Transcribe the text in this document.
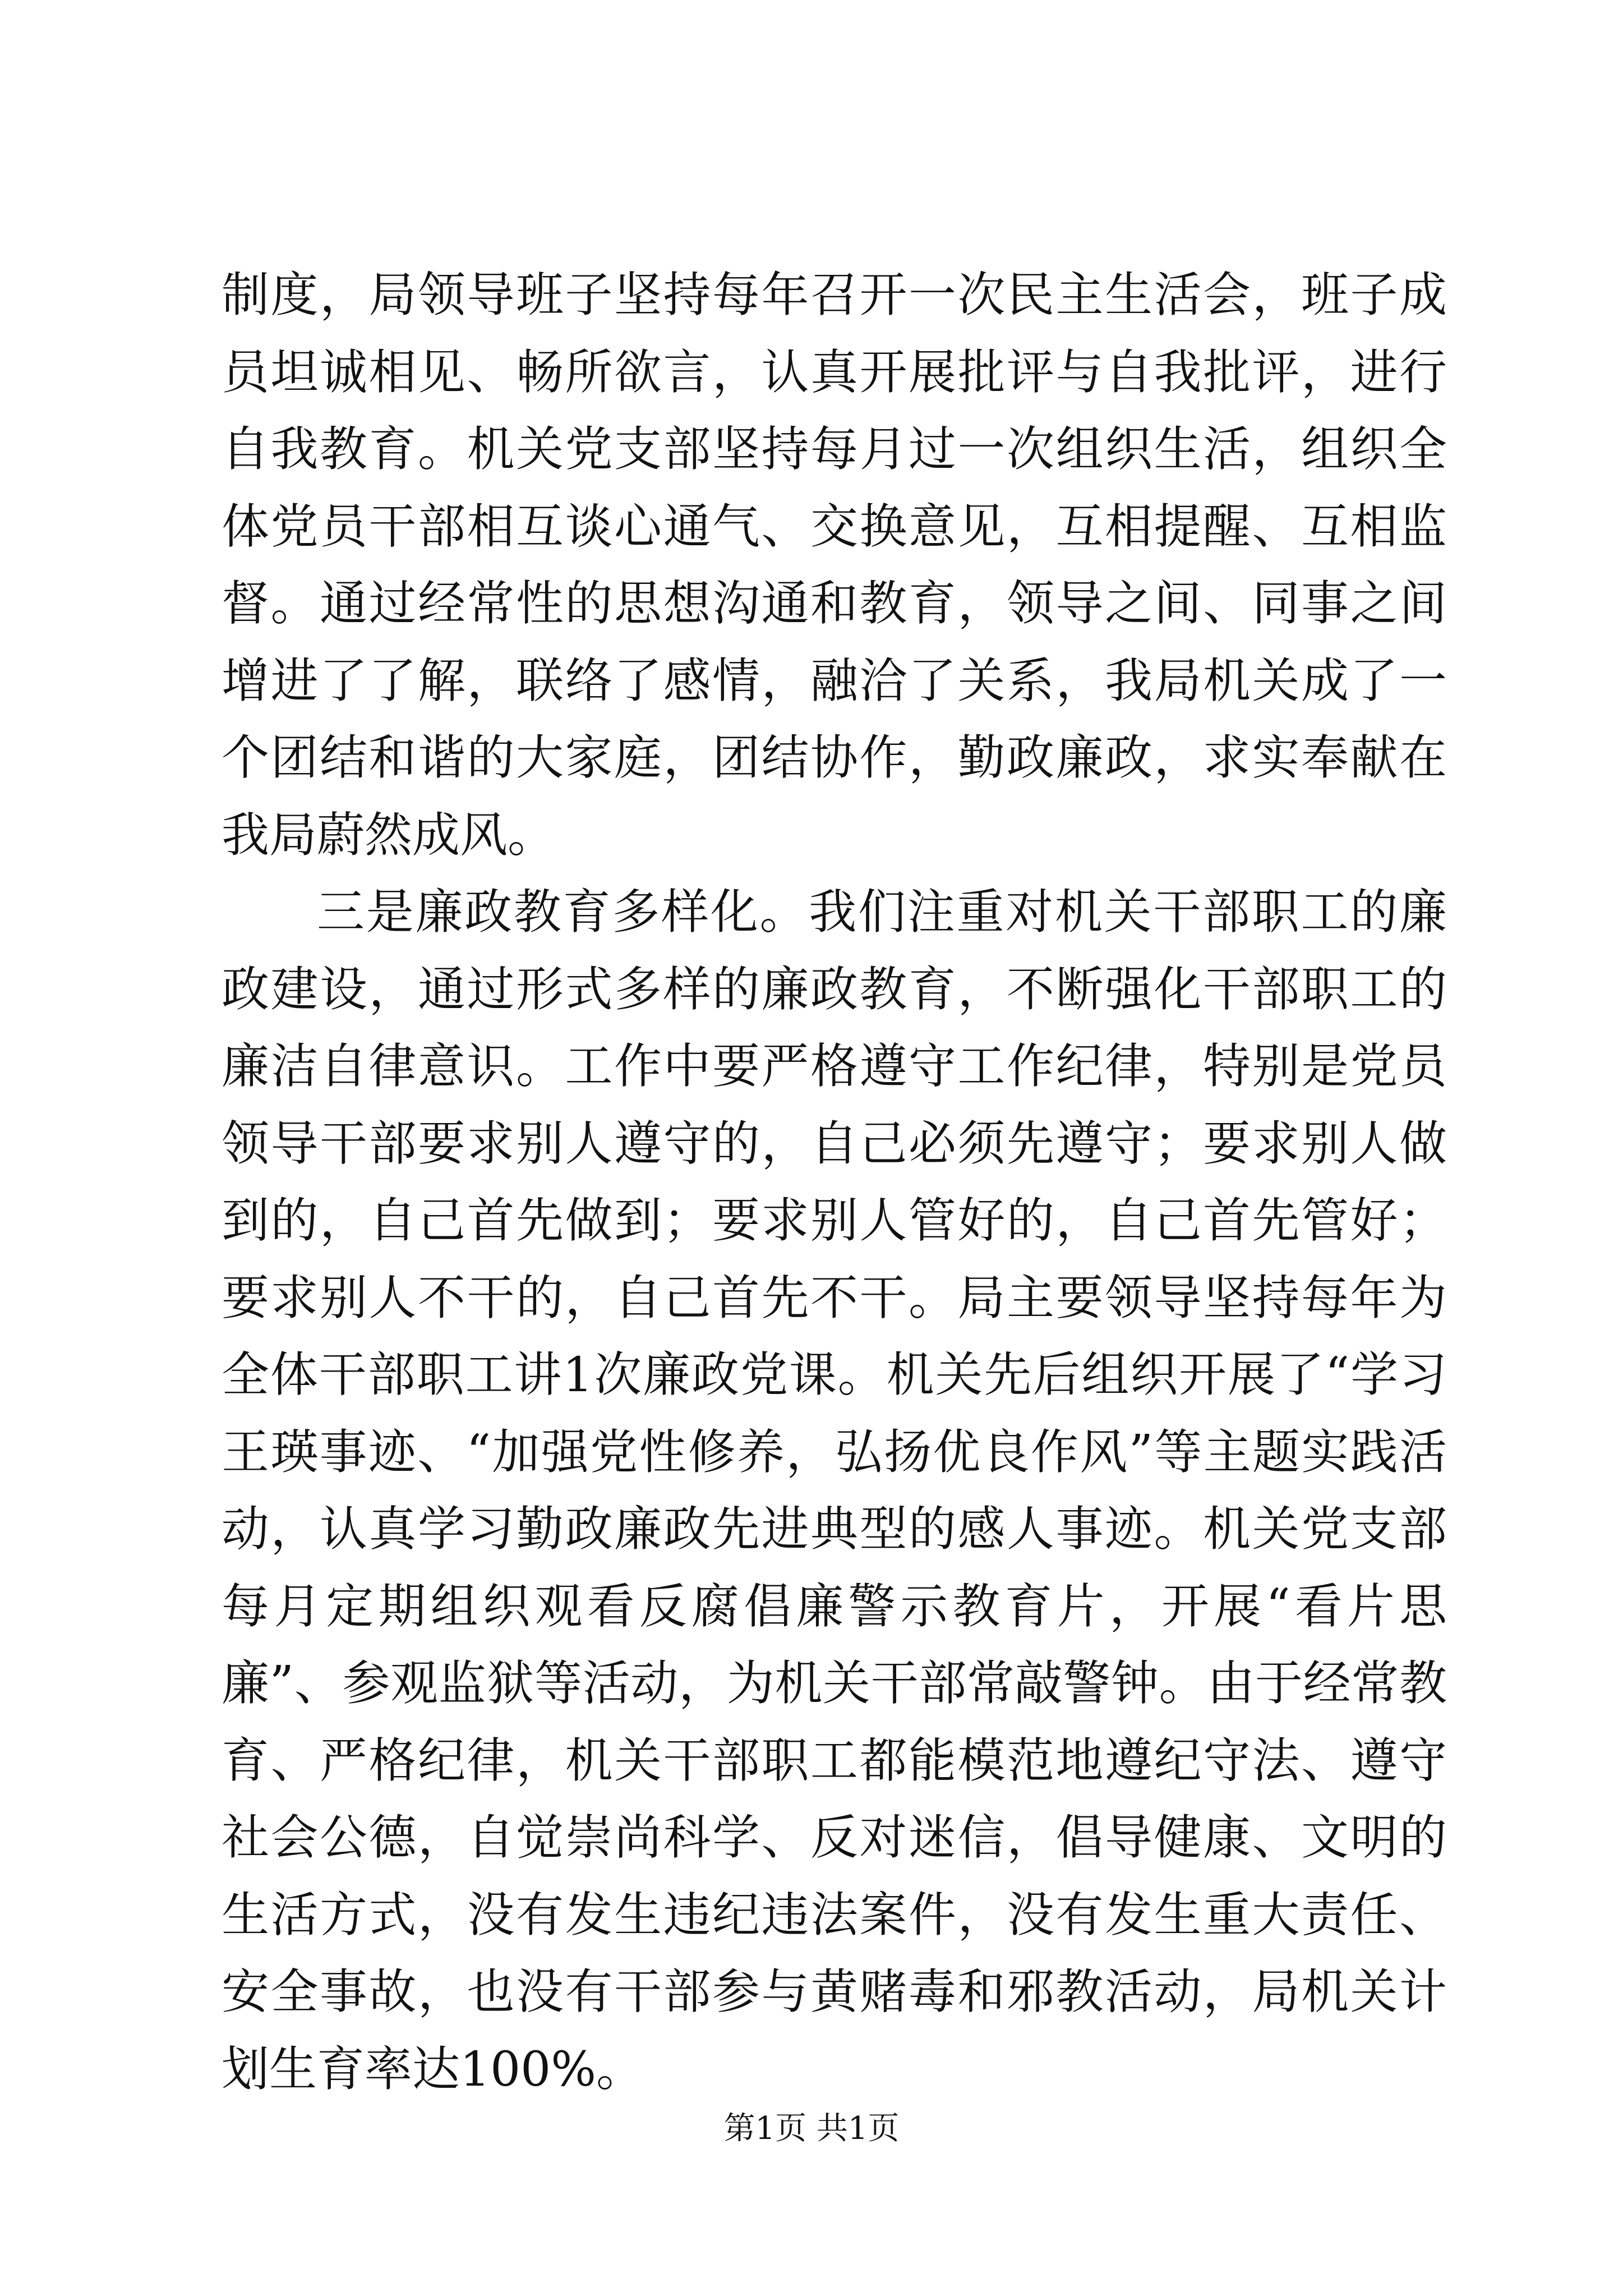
制度，局领导班子坚持每年召开一次民主生活会，班子成员坦诚相见、畅所欲言，认真开展批评与自我批评，进行自我教育。机关党支部坚持每月过一次组织生活，组织全体党员干部相互谈心通气、交换意见，互相提醒、互相监督。通过经常性的思想沟通和教育，领导之间、同事之间增进了了解，联络了感情，融洽了关系，我局机关成了一个团结和谐的大家庭，团结协作，勤政廉政，求实奉献在我局蔚然成风。

三是廉政教育多样化。我们注重对机关干部职工的廉政建设，通过形式多样的廉政教育，不断强化干部职工的廉洁自律意识。工作中要严格遵守工作纪律，特别是党员领导干部要求别人遵守的，自己必须先遵守；要求别人做到的，自己首先做到；要求别人管好的，自己首先管好；要求别人不干的，自己首先不干。局主要领导坚持每年为全体干部职工讲1次廉政党课。机关先后组织开展了“学习王瑛事迹、“加强党性修养，弘扬优良作风”等主题实践活动，认真学习勤政廉政先进典型的感人事迹。机关党支部每月定期组织观看反腐倡廉警示教育片，开展“看片思廉”、参观监狱等活动，为机关干部常敲警钟。由于经常教育、严格纪律，机关干部职工都能模范地遵纪守法、遵守社会公德，自觉崇尚科学、反对迷信，倡导健康、文明的生活方式，没有发生违纪违法案件，没有发生重大责任、安全事故，也没有干部参与黄赌毒和邪教活动，局机关计划生育率达100%。

第1页 共1页
